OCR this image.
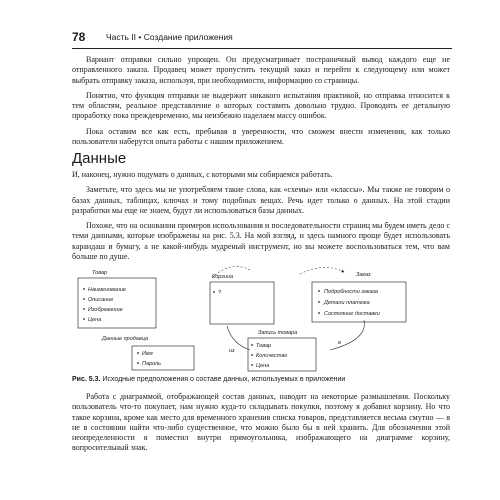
78 Часть II • Создание приложения

Вариант отправки сильно упрощен. Он предусматривает постраничный вывод каждого еще не отправленного заказа. Продавец может пропустить текущий заказ и перейти к следующему или может выбрать отправку заказа, используя, при необходимости, информацию со страницы.

Понятно, что функция отправки не выдержит никакого испытания практикой, но отправка относится к тем областям, реальное представление о которых составить довольно трудно. Проводить ее детальную проработку пока преждевременно, мы неизбежно наделаем массу ошибок.

Пока оставим все как есть, пребывая в уверенности, что сможем внести изменения, как только пользователи наберутся опыта работы с нашим приложением.

Данные

И, наконец, нужно подумать о данных, с которыми мы собираемся работать.

Заметьте, что здесь мы не употребляем такие слова, как «схемы» или «классы». Мы также не говорим о базах данных, таблицах, ключах и тому подобных вещах. Речь идет только о данных. На этой стадии разработки мы еще не знаем, будут ли использоваться базы данных.

Похоже, что на основании примеров использования и последовательности страниц мы будем иметь дело с теми данными, которые изображены на рис. 5.3. На мой взгляд, и здесь намного проще будет использовать карандаш и бумагу, а не какой-нибудь мудреный инструмент, но вы можете воспользоваться тем, что вам больше по душе.

Товар
Наименование
Описание
Изображение
Цена
Корзина
?
Заказ
Подробности заказа
Детали платежа
Состояние доставки
Запись товара
Товар
Количество
Цена
из
в
Данные продавца
Имя
Пароль
Рис. 5.3. Исходные предположения о составе данных, используемых в приложении

Работа с диаграммой, отображающей состав данных, наводит на некоторые размышления. Поскольку пользователь что-то покупает, нам нужно куда-то складывать покупки, поэтому я добавил корзину. Но что такое корзина, кроме как место для временного хранения списка товаров, представляется весьма смутно — я не в состоянии найти что-либо существенное, что можно было бы в ней хранить. Для обозначения этой неопределенности я поместил внутри прямоугольника, изображающего на диаграмме корзину, вопросительный знак.
